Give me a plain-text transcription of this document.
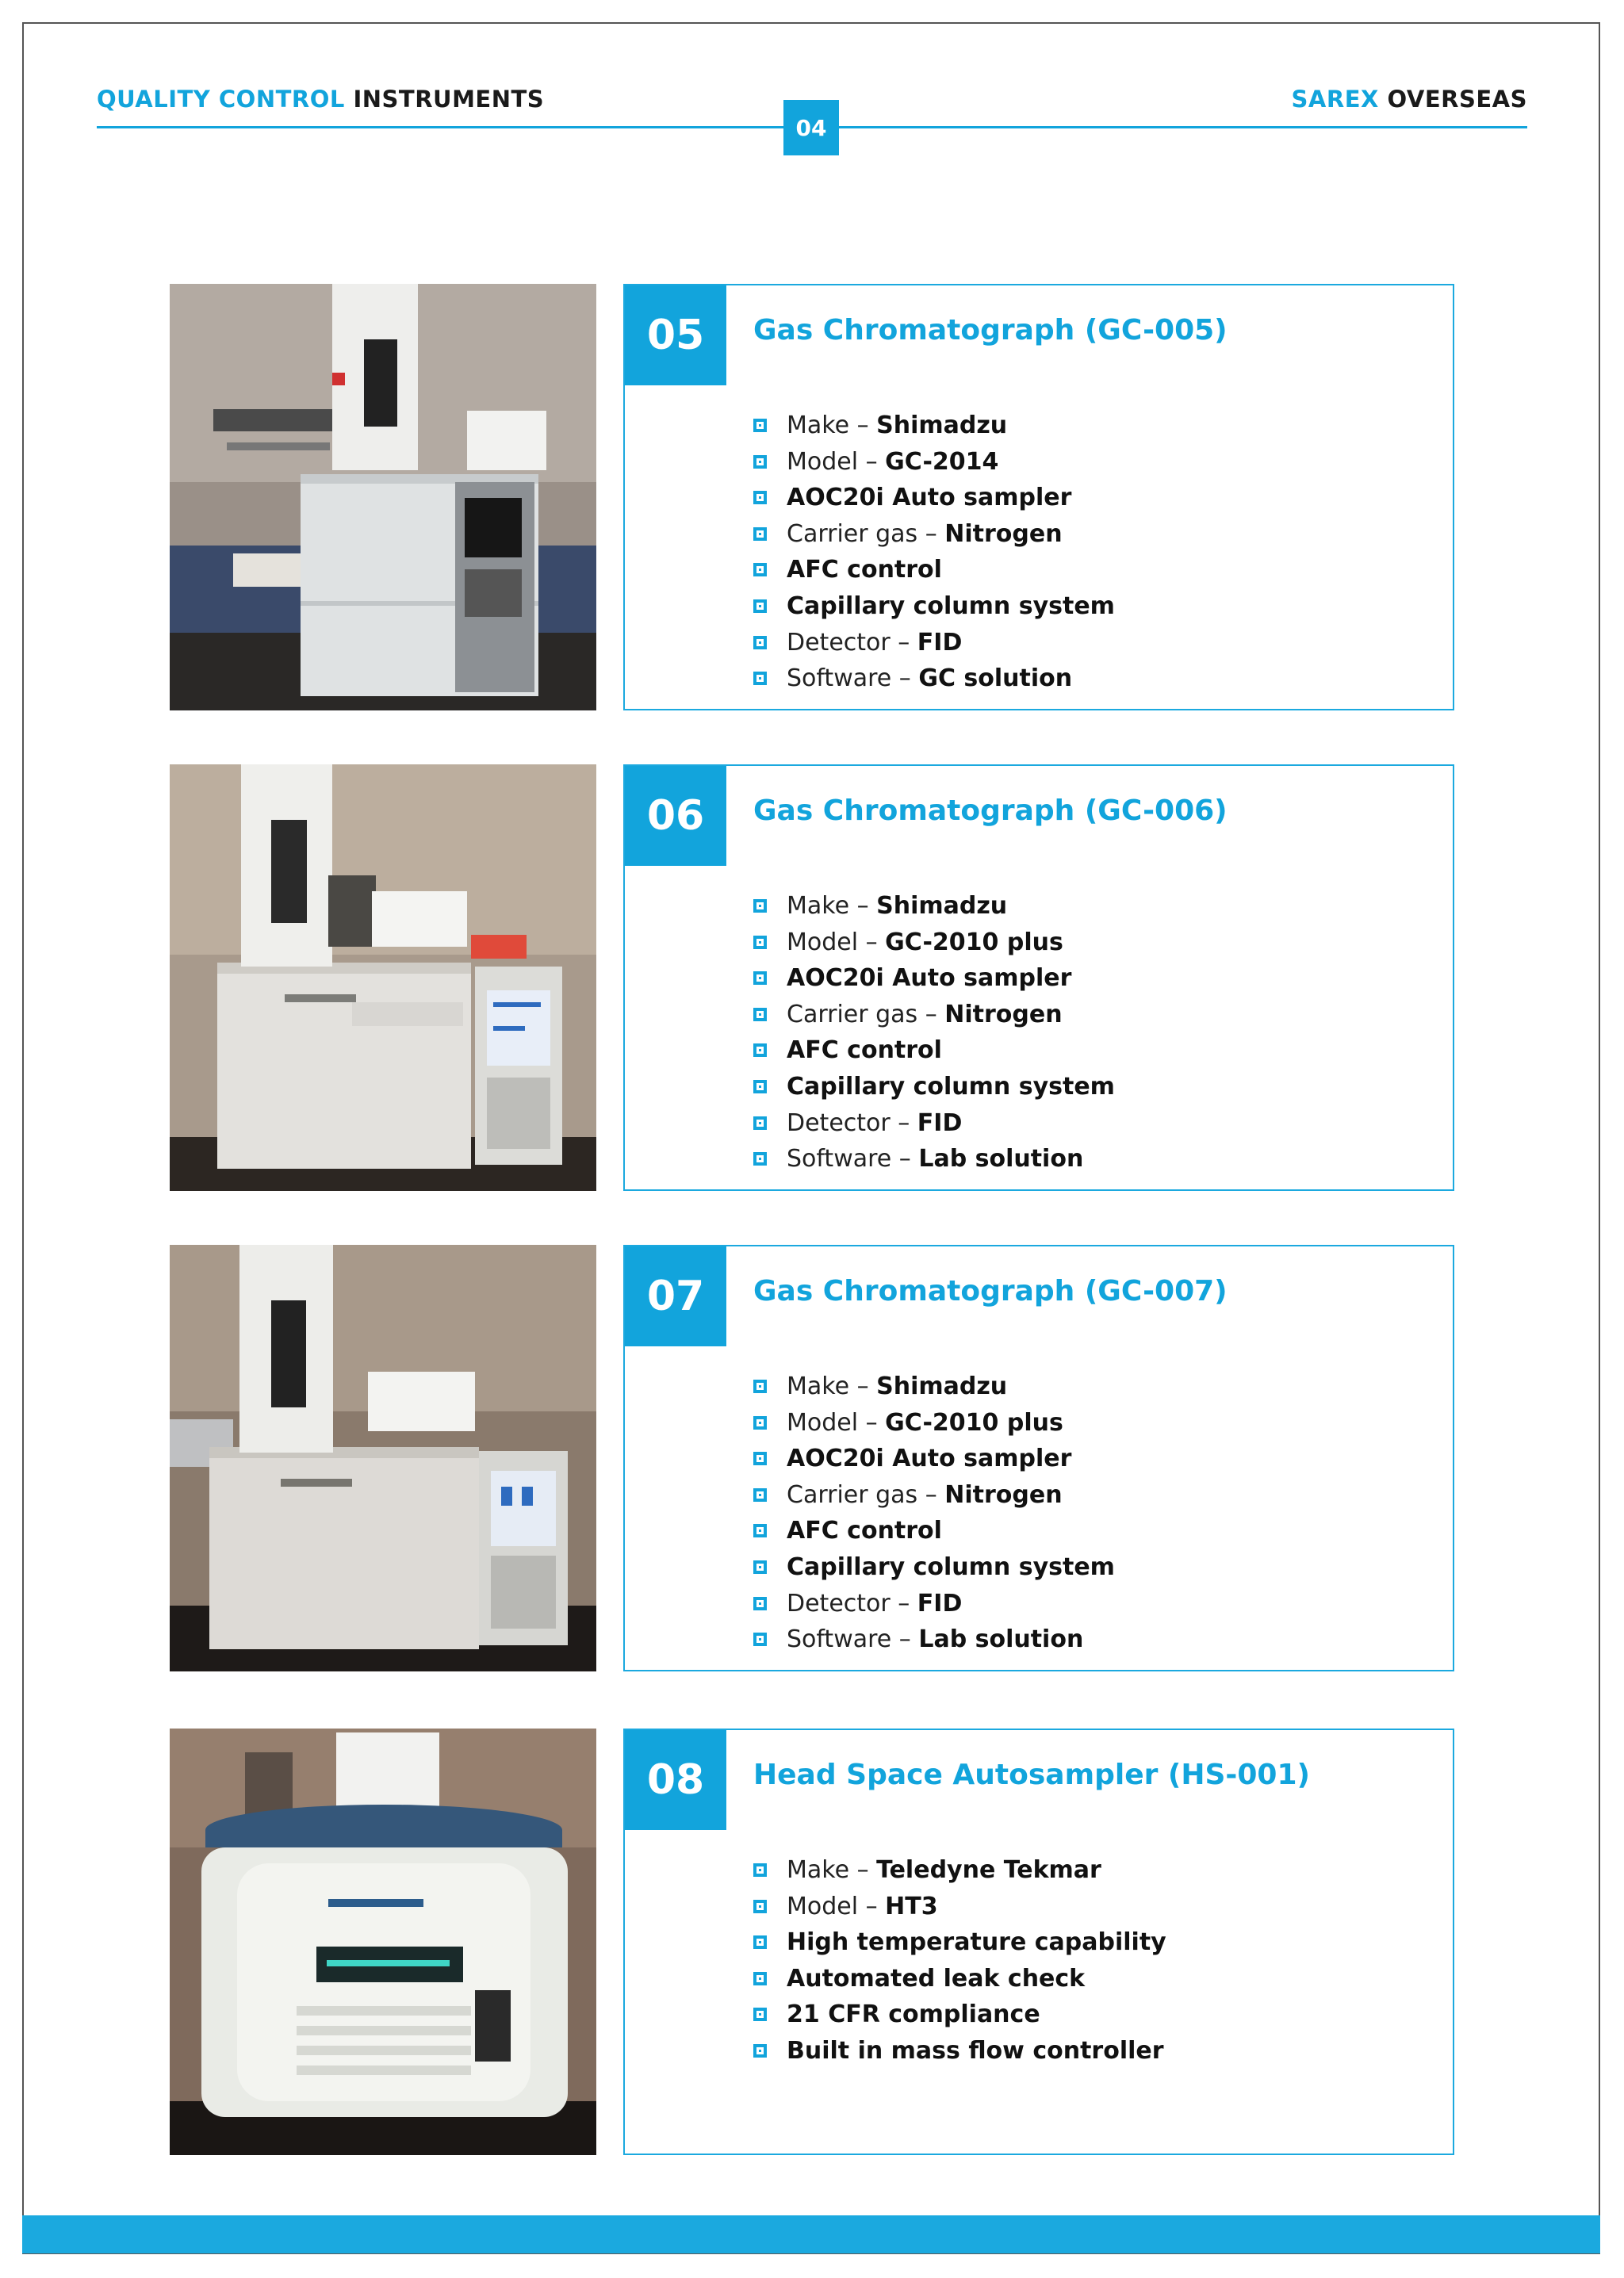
QUALITY CONTROL INSTRUMENTS	SAREX OVERSEAS
04
05	Gas Chromatograph (GC-005)
Make – Shimadzu
Model – GC-2014
AOC20i Auto sampler
Carrier gas – Nitrogen
AFC control
Capillary column system
Detector – FID
Software – GC solution
06	Gas Chromatograph (GC-006)
Make – Shimadzu
Model – GC-2010 plus
AOC20i Auto sampler
Carrier gas – Nitrogen
AFC control
Capillary column system
Detector – FID
Software – Lab solution
07	Gas Chromatograph (GC-007)
Make – Shimadzu
Model – GC-2010 plus
AOC20i Auto sampler
Carrier gas – Nitrogen
AFC control
Capillary column system
Detector – FID
Software – Lab solution
08	Head Space Autosampler (HS-001)
Make – Teledyne Tekmar
Model – HT3
High temperature capability
Automated leak check
21 CFR compliance
Built in mass flow controller
